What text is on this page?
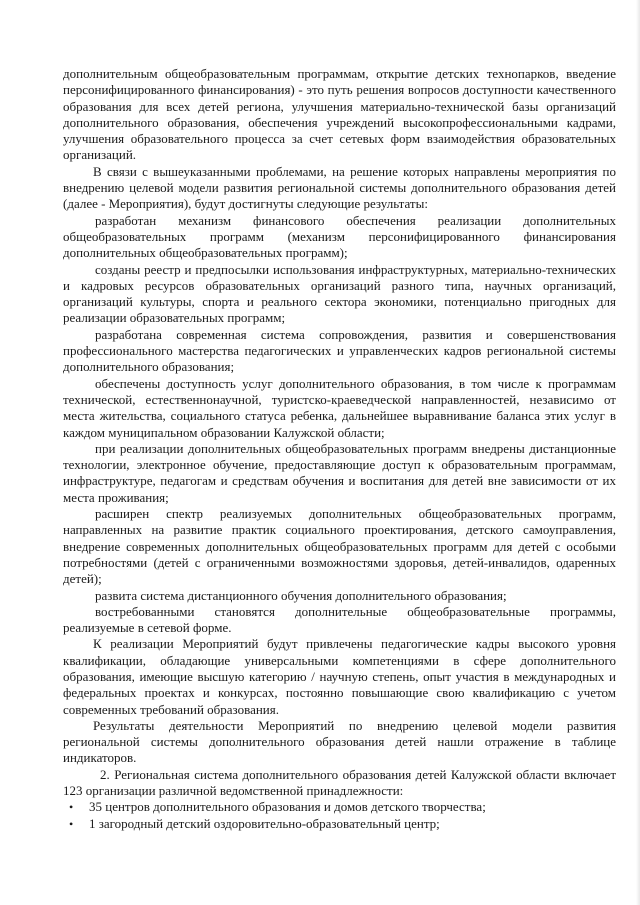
дополнительным общеобразовательным программам, открытие детских технопарков, введение персонифицированного финансирования) - это путь решения вопросов доступности качественного образования для всех детей региона, улучшения материально-технической базы организаций дополнительного образования, обеспечения учреждений высокопрофессиональными кадрами, улучшения образовательного процесса за счет сетевых форм взаимодействия образовательных организаций.

В связи с вышеуказанными проблемами, на решение которых направлены мероприятия по внедрению целевой модели развития региональной системы дополнительного образования детей (далее - Мероприятия), будут достигнуты следующие результаты:

разработан механизм финансового обеспечения реализации дополнительных общеобразовательных программ (механизм персонифицированного финансирования дополнительных общеобразовательных программ);

созданы реестр и предпосылки использования инфраструктурных, материально-технических и кадровых ресурсов образовательных организаций разного типа, научных организаций, организаций культуры, спорта и реального сектора экономики, потенциально пригодных для реализации образовательных программ;

разработана современная система сопровождения, развития и совершенствования профессионального мастерства педагогических и управленческих кадров региональной системы дополнительного образования;

обеспечены доступность услуг дополнительного образования, в том числе к программам технической, естественнонаучной, туристско-краеведческой направленностей, независимо от места жительства, социального статуса ребенка, дальнейшее выравнивание баланса этих услуг в каждом муниципальном образовании Калужской области;

при реализации дополнительных общеобразовательных программ внедрены дистанционные технологии, электронное обучение, предоставляющие доступ к образовательным программам, инфраструктуре, педагогам и средствам обучения и воспитания для детей вне зависимости от их места проживания;

расширен спектр реализуемых дополнительных общеобразовательных программ, направленных на развитие практик социального проектирования, детского самоуправления, внедрение современных дополнительных общеобразовательных программ для детей с особыми потребностями (детей с ограниченными возможностями здоровья, детей-инвалидов, одаренных детей);

развита система дистанционного обучения дополнительного образования;

востребованными становятся дополнительные общеобразовательные программы, реализуемые в сетевой форме.

К реализации Мероприятий будут привлечены педагогические кадры высокого уровня квалификации, обладающие универсальными компетенциями в сфере дополнительного образования, имеющие высшую категорию / научную степень, опыт участия в международных и федеральных проектах и конкурсах, постоянно повышающие свою квалификацию с учетом современных требований образования.

Результаты деятельности Мероприятий по внедрению целевой модели развития региональной системы дополнительного образования детей нашли отражение в таблице индикаторов.

2. Региональная система дополнительного образования детей Калужской области включает 123 организации различной ведомственной принадлежности:

• 35 центров дополнительного образования и домов детского творчества;
• 1 загородный детский оздоровительно-образовательный центр;
